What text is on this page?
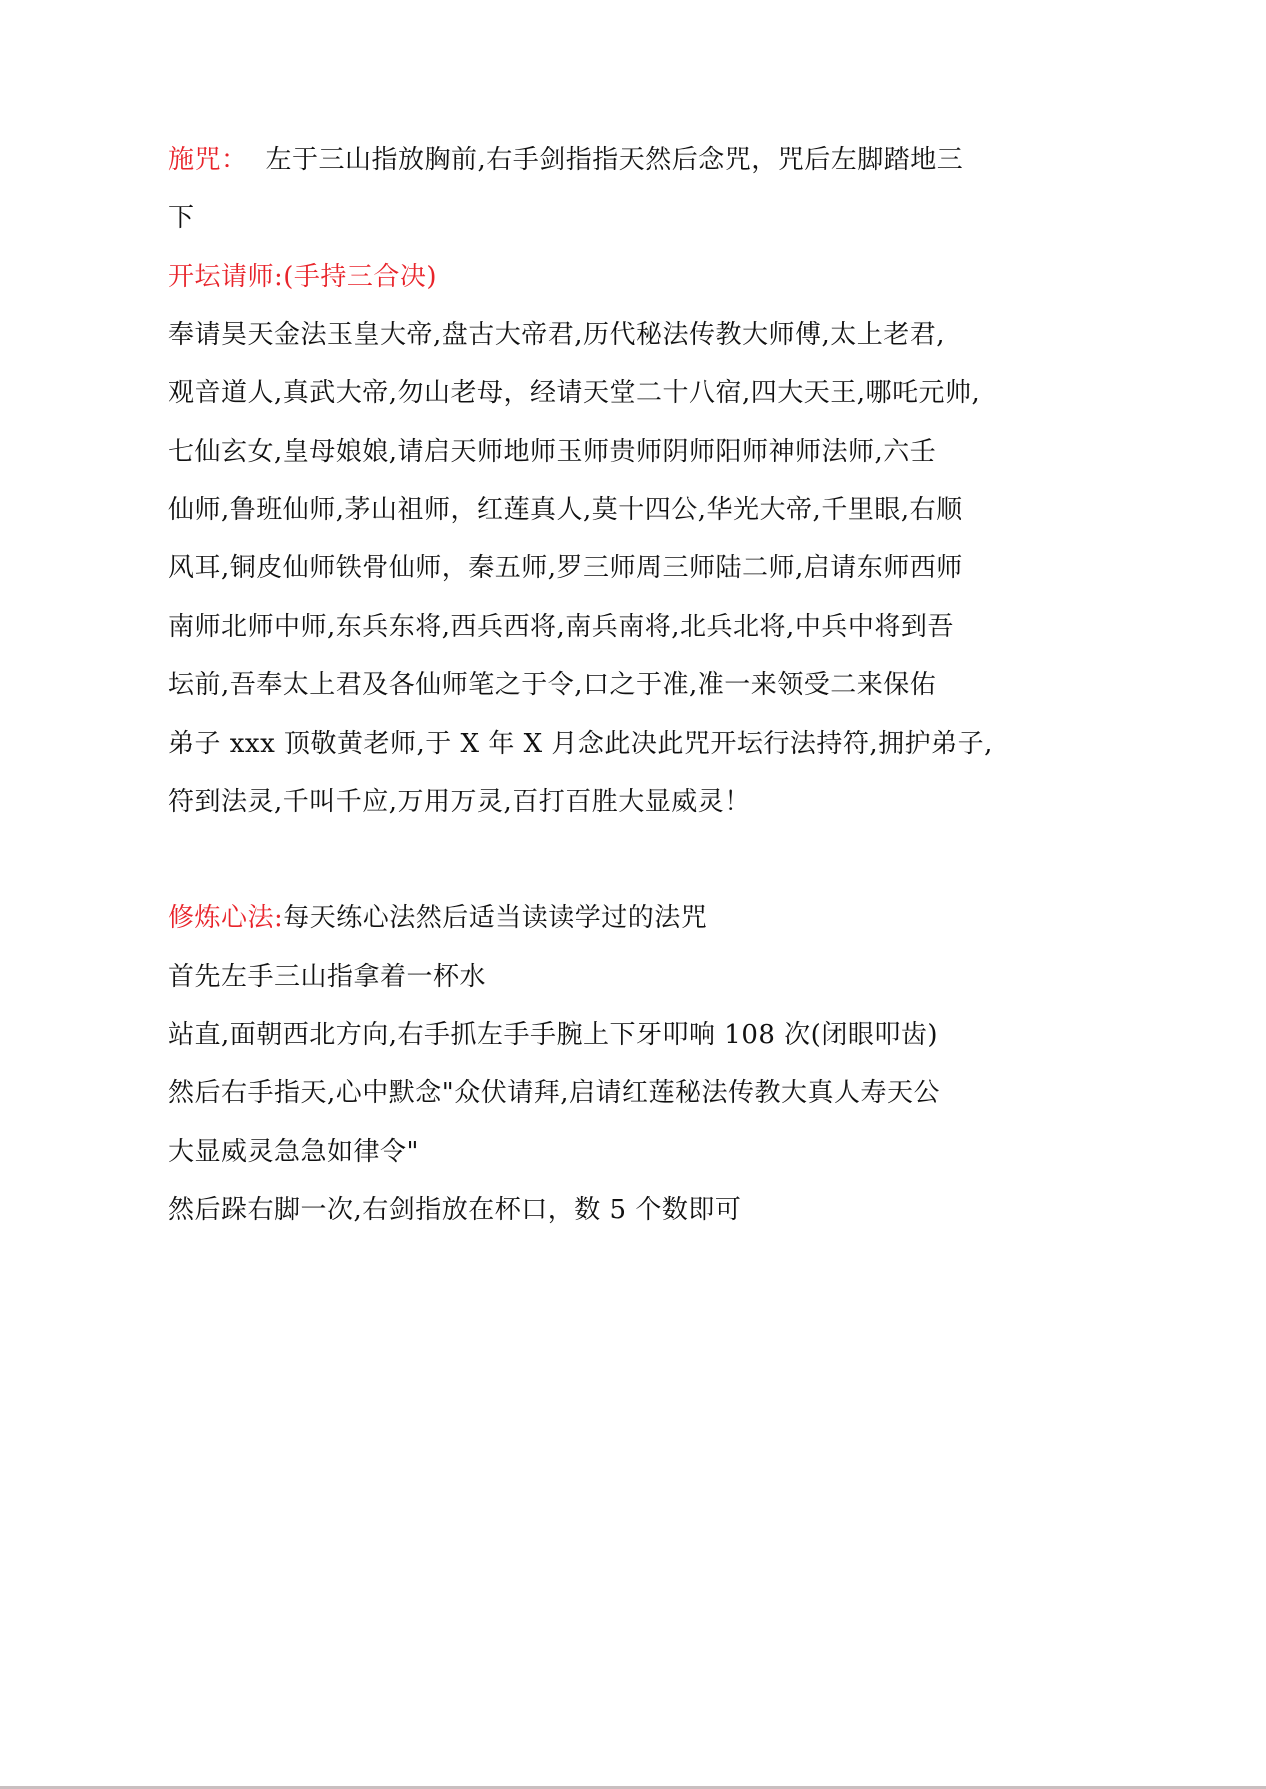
施咒： 左于三山指放胸前,右手剑指指天然后念咒，咒后左脚踏地三
下
开坛请师:(手持三合决)
奉请昊天金法玉皇大帝,盘古大帝君,历代秘法传教大师傅,太上老君,
观音道人,真武大帝,勿山老母，经请天堂二十八宿,四大天王,哪吒元帅,
七仙玄女,皇母娘娘,请启天师地师玉师贵师阴师阳师神师法师,六壬
仙师,鲁班仙师,茅山祖师，红莲真人,莫十四公,华光大帝,千里眼,右顺
风耳,铜皮仙师铁骨仙师，秦五师,罗三师周三师陆二师,启请东师西师
南师北师中师,东兵东将,西兵西将,南兵南将,北兵北将,中兵中将到吾
坛前,吾奉太上君及各仙师笔之于令,口之于准,准一来领受二来保佑
弟子 xxx 顶敬黄老师,于 X 年 X 月念此决此咒开坛行法持符,拥护弟子,
符到法灵,千叫千应,万用万灵,百打百胜大显威灵！
修炼心法:每天练心法然后适当读读学过的法咒
首先左手三山指拿着一杯水
站直,面朝西北方向,右手抓左手手腕上下牙叩响 108 次(闭眼叩齿)
然后右手指天,心中默念"众伏请拜,启请红莲秘法传教大真人寿天公
大显威灵急急如律令"
然后跺右脚一次,右剑指放在杯口，数 5 个数即可
